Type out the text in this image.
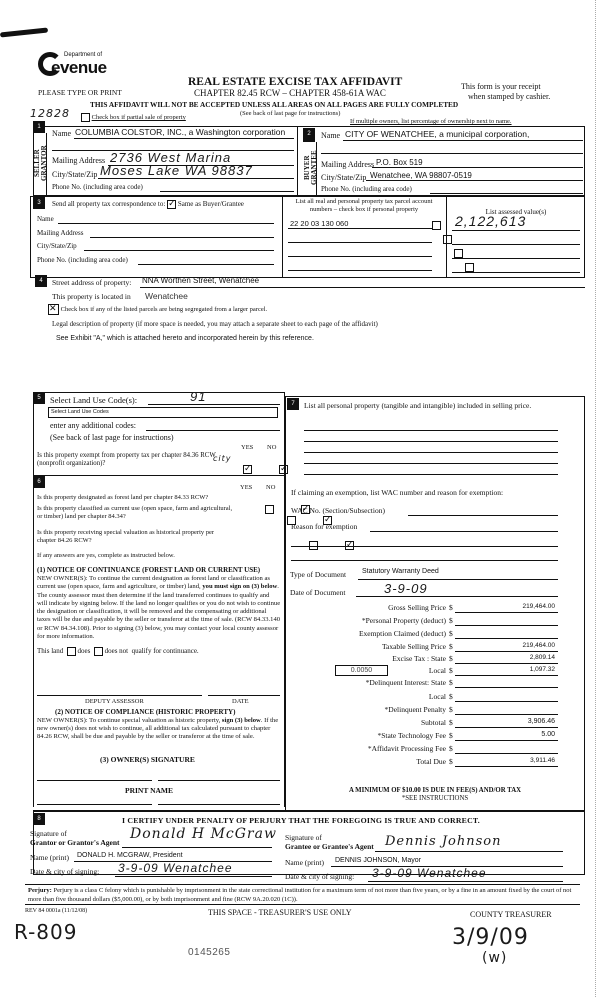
Department of
evenue
PLEASE TYPE OR PRINT
REAL ESTATE EXCISE TAX AFFIDAVIT
CHAPTER 82.45 RCW – CHAPTER 458-61A WAC
THIS AFFIDAVIT WILL NOT BE ACCEPTED UNLESS ALL AREAS ON ALL PAGES ARE FULLY COMPLETED
(See back of last page for instructions)
This form is your receipt
when stamped by cashier.
12828	Check box if partial sale of property
If multiple owners, list percentage of ownership next to name.
1
SELLER GRANTOR
Name COLUMBIA COLSTOR, INC., a Washington corporation
Mailing Address 2736 West Marina
City/State/Zip Moses Lake WA 98837
Phone No. (including area code)
2
BUYER GRANTEE
Name CITY OF WENATCHEE, a municipal corporation,
Mailing Address P.O. Box 519
City/State/Zip Wenatchee, WA 98807-0519
Phone No. (including area code)
3	Send all property tax correspondence to: ✓ Same as Buyer/Grantee
Name
Mailing Address
City/State/Zip
Phone No. (including area code)
List all real and personal property tax parcel account numbers – check box if personal property	List assessed value(s)
22 20 03 130 060

	2,122,613
4	Street address of property: NNA Worthen Street, Wenatchee
This property is located in Wenatchee
✕ Check box if any of the listed parcels are being segregated from a larger parcel.
Legal description of property (if more space is needed, you may attach a separate sheet to each page of the affidavit)
See Exhibit "A," which is attached hereto and incorporated herein by this reference.
5	Select Land Use Code(s):	91
Select Land Use Codes
enter any additional codes:
(See back of last page for instructions)
YES NO
Is this property exempt from property tax per chapter 84.36 RCW (nonprofit organization)?
city
✓ ✓
6
YES NO
Is this property designated as forest land per chapter 84.33 RCW?
✓
Is this property classified as current use (open space, farm and agricultural, or timber) land per chapter 84.34?
✓
Is this property receiving special valuation as historical property per chapter 84.26 RCW?
✓
If any answers are yes, complete as instructed below.
(1) NOTICE OF CONTINUANCE (FOREST LAND OR CURRENT USE)
NEW OWNER(S): To continue the current designation as forest land or classification as current use (open space, farm and agriculture, or timber) land, you must sign on (3) below. The county assessor must then determine if the land transferred continues to qualify and will indicate by signing below. If the land no longer qualifies or you do not wish to continue the designation or classification, it will be removed and the compensating or additional taxes will be due and payable by the seller or transferor at the time of sale. (RCW 84.33.140 or RCW 84.34.108). Prior to signing (3) below, you may contact your local county assessor for more information.
This land does does not qualify for continuance.
DEPUTY ASSESSOR	DATE
(2) NOTICE OF COMPLIANCE (HISTORIC PROPERTY)
NEW OWNER(S): To continue special valuation as historic property, sign (3) below. If the new owner(s) does not wish to continue, all additional tax calculated pursuant to chapter 84.26 RCW, shall be due and payable by the seller or transferor at the time of sale.
(3) OWNER(S) SIGNATURE
PRINT NAME
7	List all personal property (tangible and intangible) included in selling price.
If claiming an exemption, list WAC number and reason for exemption:
WAC No. (Section/Subsection)
Reason for exemption
Type of Document Statutory Warranty Deed
Date of Document	3-9-09
Gross Selling Price $	219,464.00
*Personal Property (deduct) $
Exemption Claimed (deduct) $
Taxable Selling Price $	219,464.00
Excise Tax : State $	2,809.14
0.0050	Local $	1,097.32
*Delinquent Interest: State $
Local $
*Delinquent Penalty $
Subtotal $	3,906.46
*State Technology Fee $	5.00
*Affidavit Processing Fee $
Total Due $	3,911.46
A MINIMUM OF $10.00 IS DUE IN FEE(S) AND/OR TAX
*SEE INSTRUCTIONS
8	I CERTIFY UNDER PENALTY OF PERJURY THAT THE FOREGOING IS TRUE AND CORRECT.
Signature of
Grantor or Grantor's Agent
Donald H McGraw
Name (print) DONALD H. MCGRAW, President
Date & city of signing: 3-9-09 Wenatchee
Signature of
Grantee or Grantee's Agent Dennis Johnson
Name (print) DENNIS JOHNSON, Mayor
Date & city of signing: 3-9-09 Wenatchee
Perjury: Perjury is a class C felony which is punishable by imprisonment in the state correctional institution for a maximum term of not more than five years, or by a fine in an amount fixed by the court of not more than five thousand dollars ($5,000.00), or by both imprisonment and fine (RCW 9A.20.020 (1C)).
REV 84 0001a (11/12/08)	THIS SPACE - TREASURER'S USE ONLY	COUNTY TREASURER
R-809
0145265
3/9/09
(w)
